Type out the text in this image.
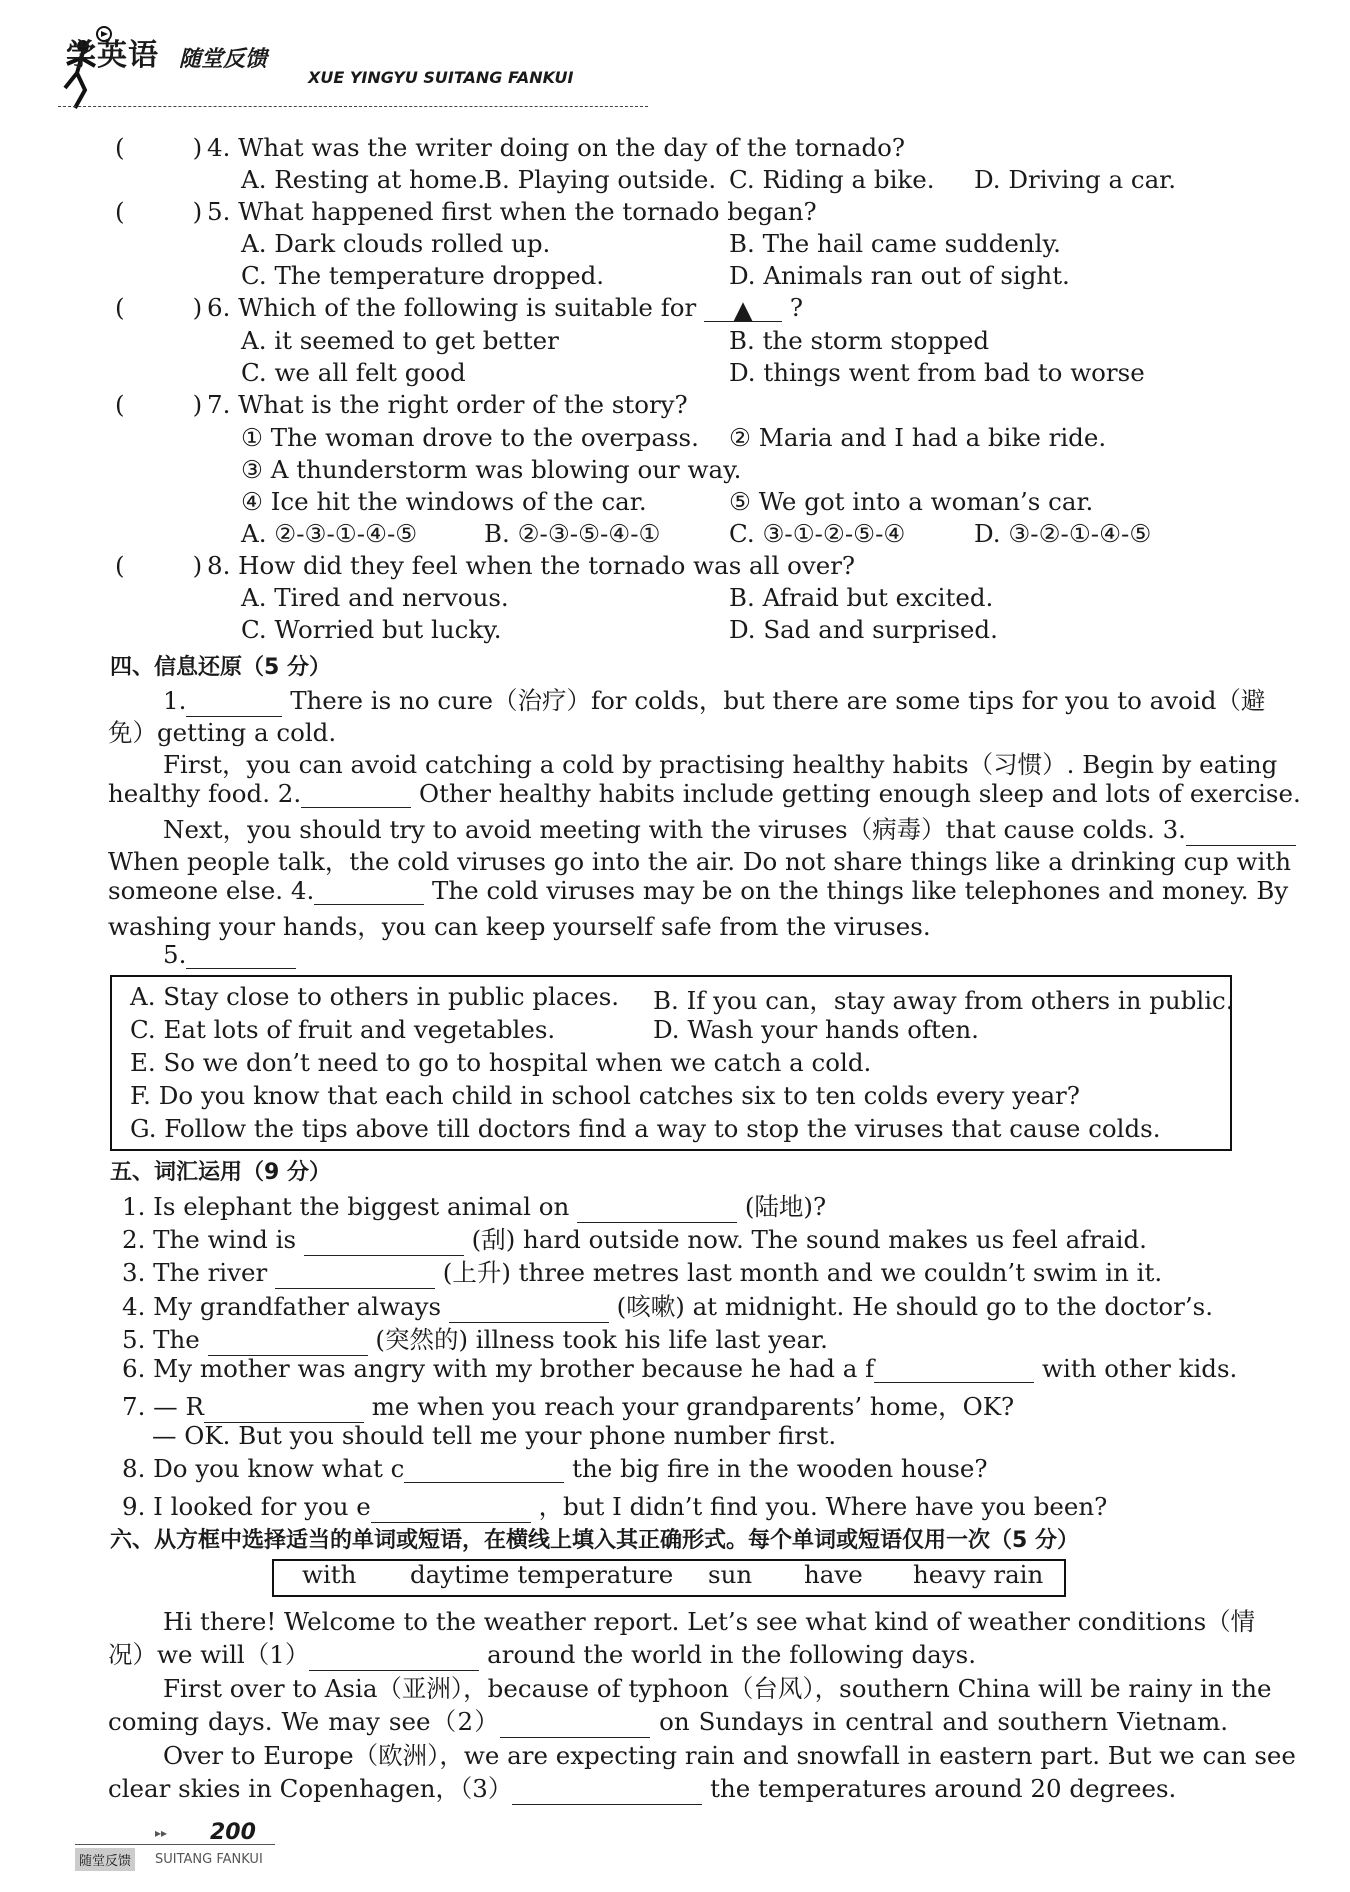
学英语 随堂反馈
XUE YINGYU SUITANG FANKUI
(	) 4. What was the writer doing on the day of the tornado?
A. Resting at home.
B. Playing outside. C. Riding a bike. D. Driving a car.
(	) 5. What happened first when the tornado began?
A. Dark clouds rolled up.	B. The hail came suddenly.
C. The temperature dropped.	D. Animals ran out of sight.
(	) 6. Which of the following is suitable for ▲ ?
A. it seemed to get better	B. the storm stopped
C. we all felt good	D. things went from bad to worse
(	) 7. What is the right order of the story?
① The woman drove to the overpass. ② Maria and I had a bike ride.
③ A thunderstorm was blowing our way.
④ Ice hit the windows of the car.	⑤ We got into a woman’s car.
A. ②-③-①-④-⑤	B. ②-③-⑤-④-①	C. ③-①-②-⑤-④	D. ③-②-①-④-⑤
(	) 8. How did they feel when the tornado was all over?
A. Tired and nervous.	B. Afraid but excited.
C. Worried but lucky.	D. Sad and surprised.
四、信息还原（5 分）
1.	There is no cure（治疗）for colds，but there are some tips for you to avoid（避
免）getting a cold.
First，you can avoid catching a cold by practising healthy habits（习惯）. Begin by eating
healthy food. 2.	Other healthy habits include getting enough sleep and lots of exercise.
Next，you should try to avoid meeting with the viruses（病毒）that cause colds. 3.
When people talk，the cold viruses go into the air. Do not share things like a drinking cup with
someone else. 4.	The cold viruses may be on the things like telephones and money. By
washing your hands，you can keep yourself safe from the viruses.
5.
A. Stay close to others in public places. B. If you can，stay away from others in public.
C. Eat lots of fruit and vegetables.	D. Wash your hands often.
E. So we don’t need to go to hospital when we catch a cold.
F. Do you know that each child in school catches six to ten colds every year?
G. Follow the tips above till doctors find a way to stop the viruses that cause colds.
五、词汇运用（9 分）
1. Is elephant the biggest animal on	(陆地)?
2. The wind is	(刮) hard outside now. The sound makes us feel afraid.
3. The river	(上升) three metres last month and we couldn’t swim in it.
4. My grandfather always	(咳嗽) at midnight. He should go to the doctor’s.
5. The	(突然的) illness took his life last year.
6. My mother was angry with my brother because he had a f	with other kids.
7. — R	me when you reach your grandparents’ home，OK?
— OK. But you should tell me your phone number first.
8. Do you know what c	the big fire in the wooden house?
9. I looked for you e	，but I didn’t find you. Where have you been?
六、从方框中选择适当的单词或短语，在横线上填入其正确形式。每个单词或短语仅用一次（5 分）
with daytime temperature sun have heavy rain
Hi there! Welcome to the weather report. Let’s see what kind of weather conditions（情
况）we will（1）	around the world in the following days.
First over to Asia（亚洲），because of typhoon（台风），southern China will be rainy in the
coming days. We may see（2）	on Sundays in central and southern Vietnam.
Over to Europe（欧洲），we are expecting rain and snowfall in eastern part. But we can see
clear skies in Copenhagen，（3）	the temperatures around 20 degrees.
▸▸ 200
随堂反馈	SUITANG FANKUI
